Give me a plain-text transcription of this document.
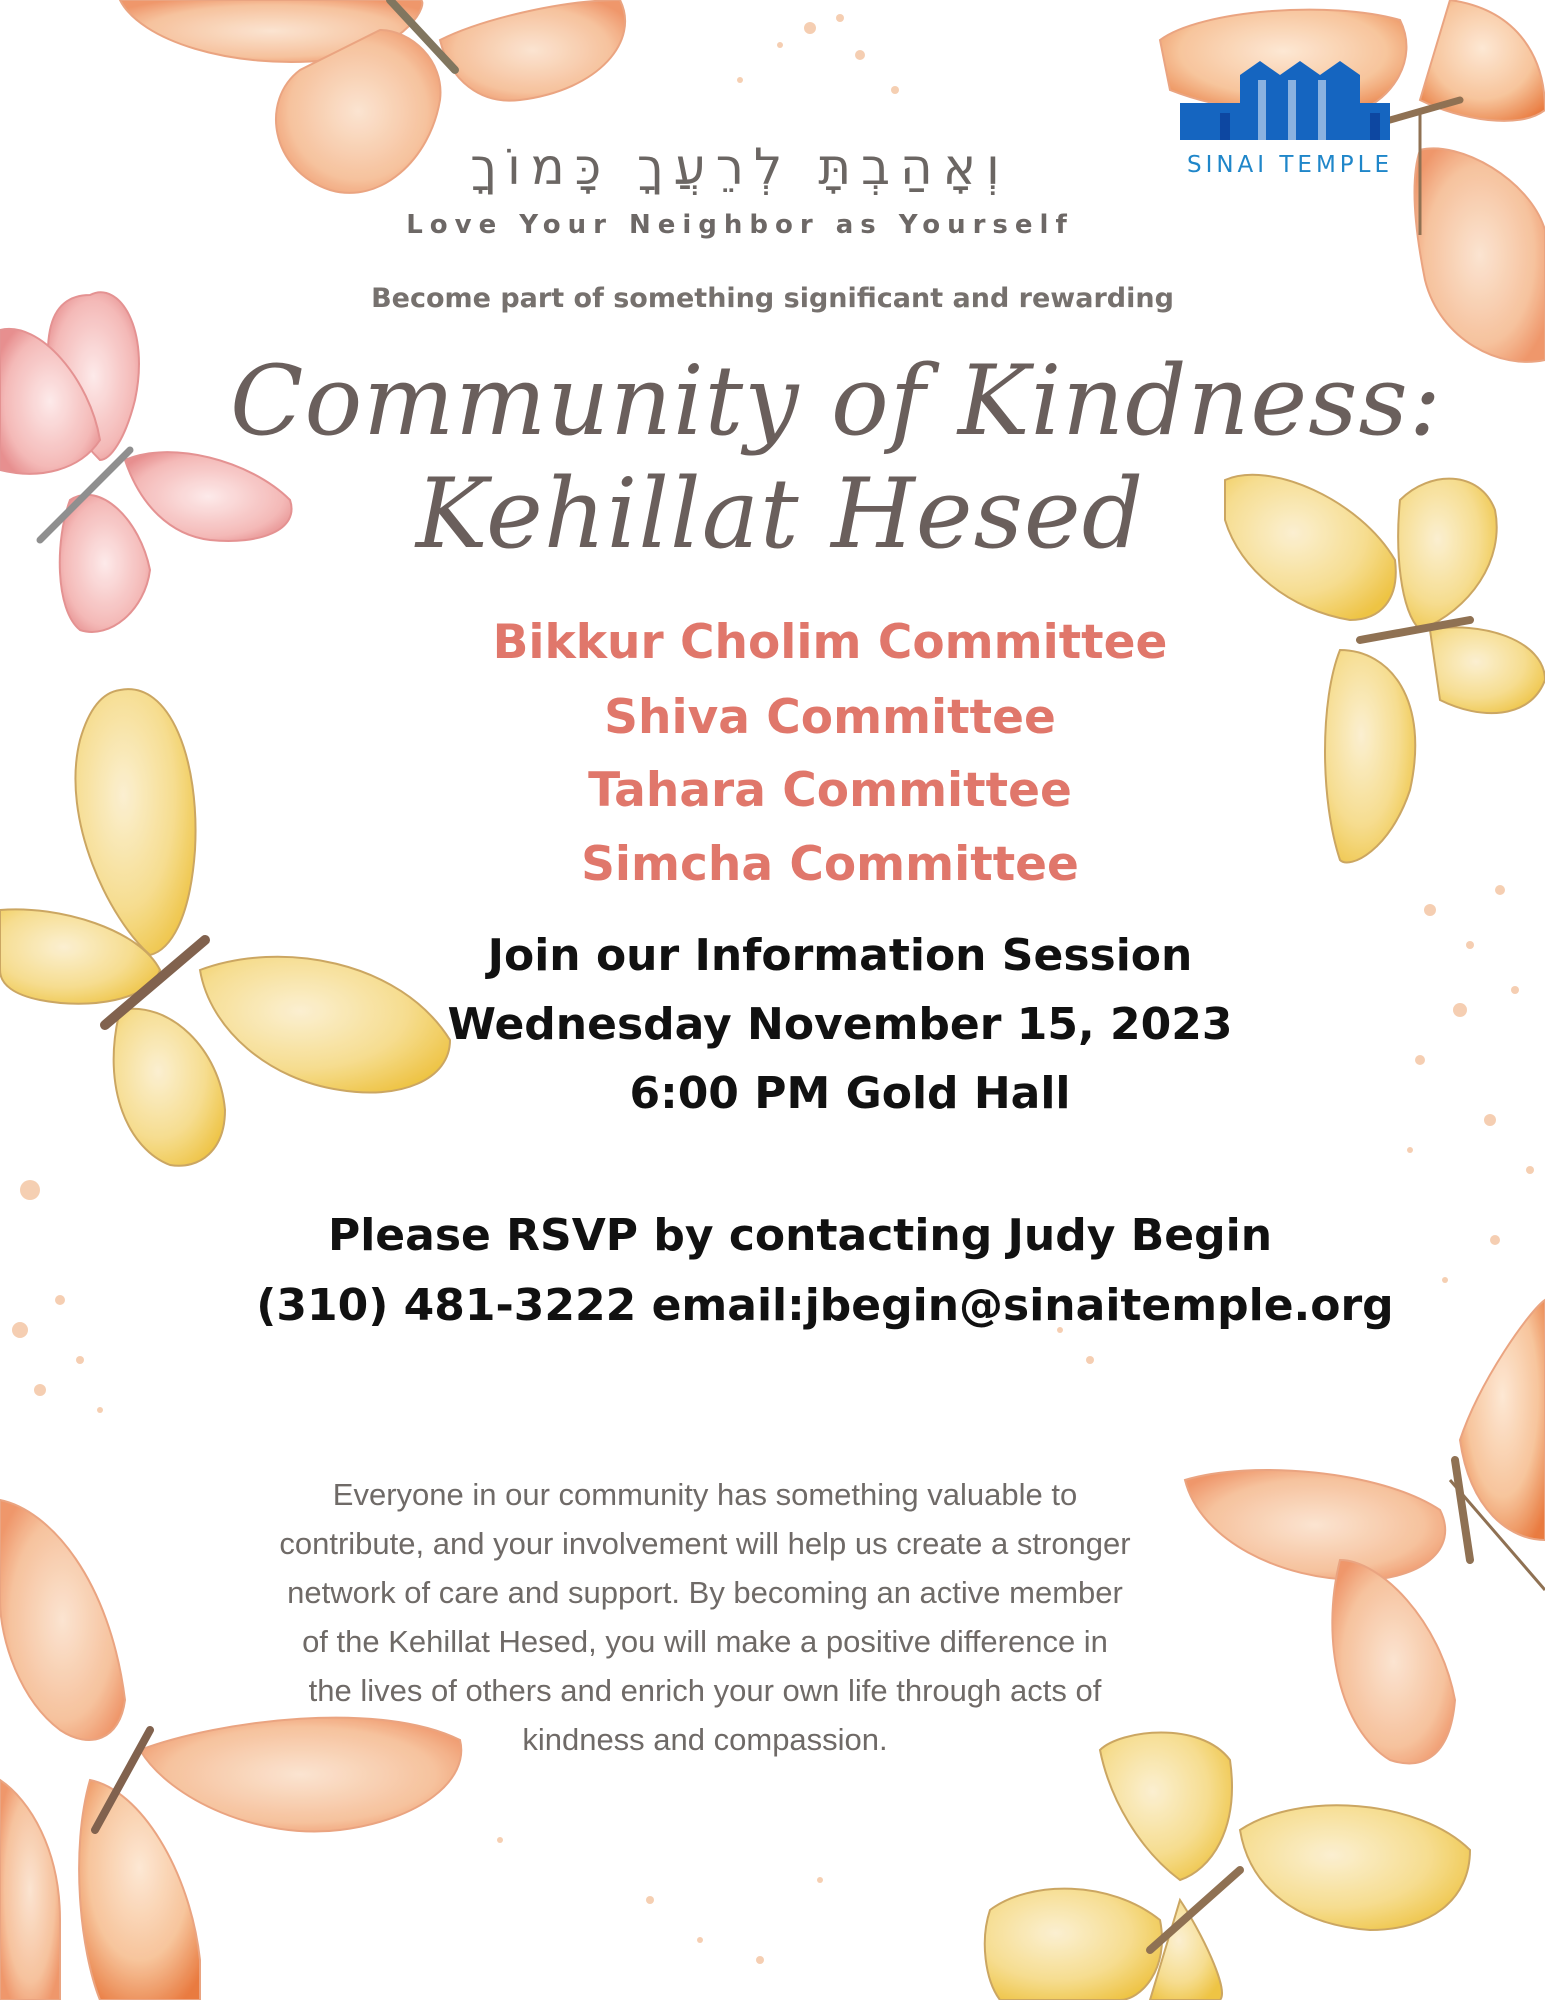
SINAI TEMPLE
וְאָהַבְתָּ לְרֵעֲךָ כָּמוֹךָ
Love Your Neighbor as Yourself
Become part of something significant and rewarding
Community of Kindness:
Kehillat Hesed
Bikkur Cholim Committee
Shiva Committee
Tahara Committee
Simcha Committee
Join our Information Session
Wednesday November 15, 2023
6:00 PM Gold Hall
Please RSVP by contacting Judy Begin
(310) 481-3222 email:jbegin@sinaitemple.org
Everyone in our community has something valuable to
contribute, and your involvement will help us create a stronger
network of care and support. By becoming an active member
of the Kehillat Hesed, you will make a positive difference in
the lives of others and enrich your own life through acts of
kindness and compassion.
